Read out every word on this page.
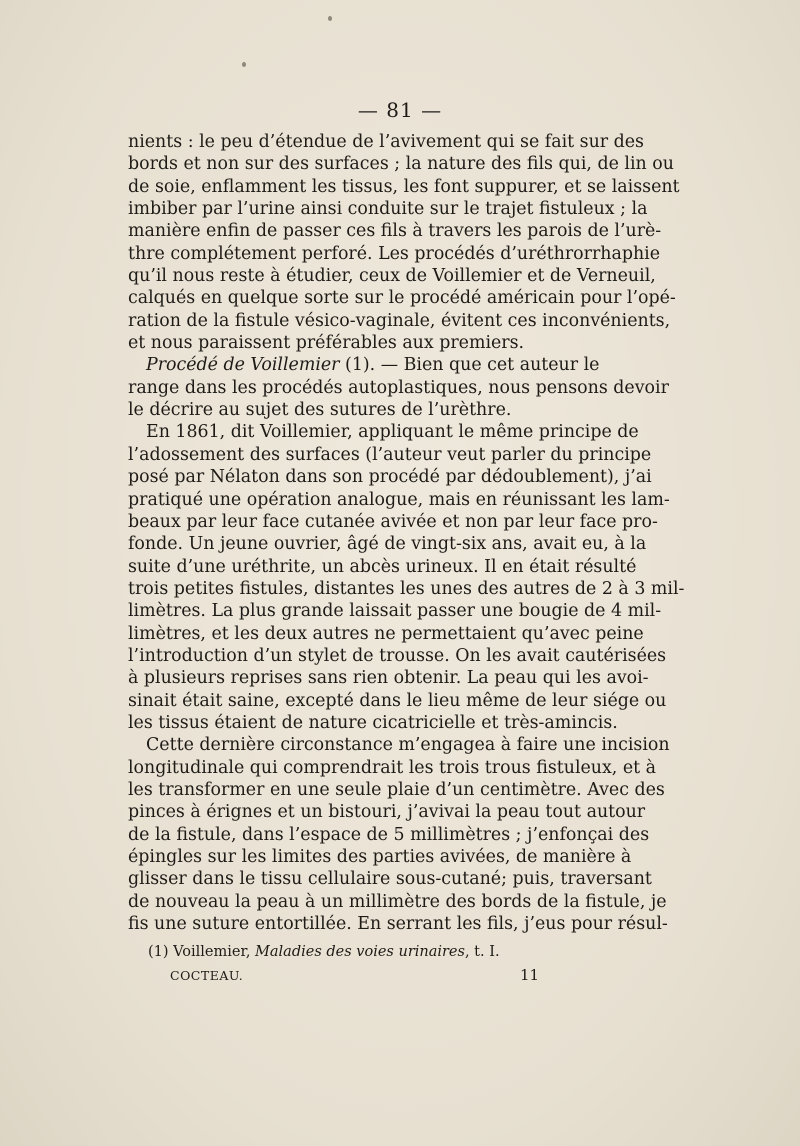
— 81 —
nients : le peu d’étendue de l’avivement qui se fait sur des
bords et non sur des surfaces ; la nature des fils qui, de lin ou
de soie, enflamment les tissus, les font suppurer, et se laissent
imbiber par l’urine ainsi conduite sur le trajet fistuleux ; la
manière enfin de passer ces fils à travers les parois de l’urè-
thre complétement perforé. Les procédés d’uréthrorrhaphie
qu’il nous reste à étudier, ceux de Voillemier et de Verneuil,
calqués en quelque sorte sur le procédé américain pour l’opé-
ration de la fistule vésico-vaginale, évitent ces inconvénients,
et nous paraissent préférables aux premiers.
Procédé de Voillemier (1). — Bien que cet auteur le
range dans les procédés autoplastiques, nous pensons devoir
le décrire au sujet des sutures de l’urèthre.
En 1861, dit Voillemier, appliquant le même principe de
l’adossement des surfaces (l’auteur veut parler du principe
posé par Nélaton dans son procédé par dédoublement), j’ai
pratiqué une opération analogue, mais en réunissant les lam-
beaux par leur face cutanée avivée et non par leur face pro-
fonde. Un jeune ouvrier, âgé de vingt-six ans, avait eu, à la
suite d’une uréthrite, un abcès urineux. Il en était résulté
trois petites fistules, distantes les unes des autres de 2 à 3 mil-
limètres. La plus grande laissait passer une bougie de 4 mil-
limètres, et les deux autres ne permettaient qu’avec peine
l’introduction d’un stylet de trousse. On les avait cautérisées
à plusieurs reprises sans rien obtenir. La peau qui les avoi-
sinait était saine, excepté dans le lieu même de leur siége ou
les tissus étaient de nature cicatricielle et très-amincis.
Cette dernière circonstance m’engagea à faire une incision
longitudinale qui comprendrait les trois trous fistuleux, et à
les transformer en une seule plaie d’un centimètre. Avec des
pinces à érignes et un bistouri, j’avivai la peau tout autour
de la fistule, dans l’espace de 5 millimètres ; j’enfonçai des
épingles sur les limites des parties avivées, de manière à
glisser dans le tissu cellulaire sous-cutané; puis, traversant
de nouveau la peau à un millimètre des bords de la fistule, je
fis une suture entortillée. En serrant les fils, j’eus pour résul-
(1) Voillemier, Maladies des voies urinaires, t. I.
COCTEAU.	11
